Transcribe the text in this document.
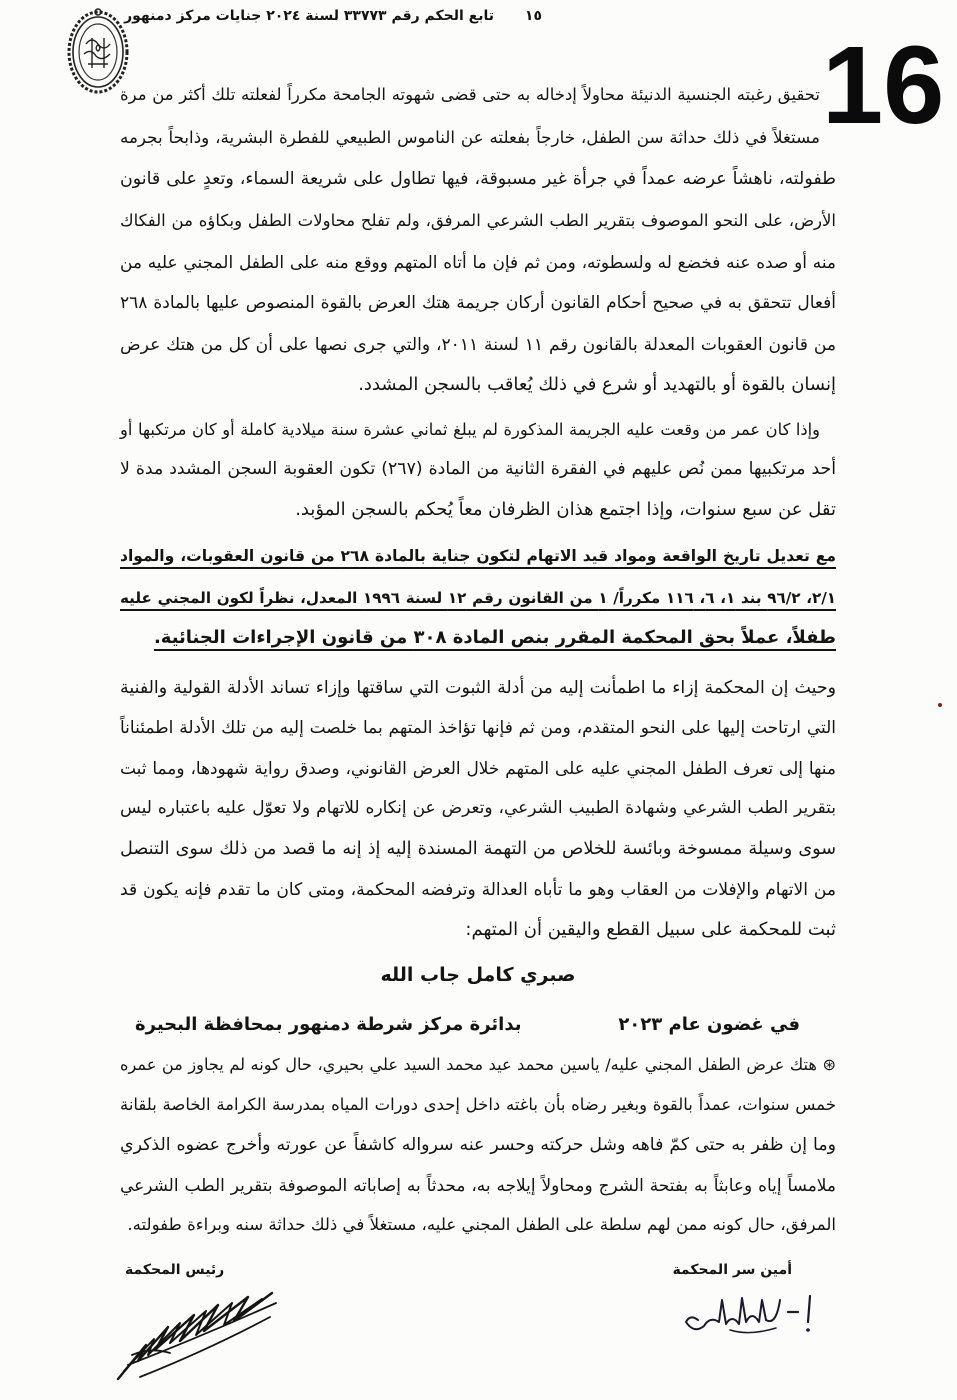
١٥ تابع الحكم رقم ٣٣٧٧٣ لسنة ٢٠٢٤ جنايات مركز دمنهور
16
تحقيق رغبته الجنسية الدنيئة محاولاً إدخاله به حتى قضى شهوته الجامحة مكرراً لفعلته تلك أكثر من مرة
مستغلاً في ذلك حداثة سن الطفل، خارجاً بفعلته عن الناموس الطبيعي للفطرة البشرية، وذابحاً بجرمه
طفولته، ناهشاً عرضه عمداً في جرأة غير مسبوقة، فيها تطاول على شريعة السماء، وتعدٍ على قانون
الأرض، على النحو الموصوف بتقرير الطب الشرعي المرفق، ولم تفلح محاولات الطفل وبكاؤه من الفكاك
منه أو صده عنه فخضع له ولسطوته، ومن ثم فإن ما أتاه المتهم ووقع منه على الطفل المجني عليه من
أفعال تتحقق به في صحيح أحكام القانون أركان جريمة هتك العرض بالقوة المنصوص عليها بالمادة ٢٦٨
من قانون العقوبات المعدلة بالقانون رقم ١١ لسنة ٢٠١١، والتي جرى نصها على أن كل من هتك عرض
إنسان بالقوة أو بالتهديد أو شرع في ذلك يُعاقب بالسجن المشدد.
وإذا كان عمر من وقعت عليه الجريمة المذكورة لم يبلغ ثماني عشرة سنة ميلادية كاملة أو كان مرتكبها أو
أحد مرتكبيها ممن نُص عليهم في الفقرة الثانية من المادة (٢٦٧) تكون العقوبة السجن المشدد مدة لا
تقل عن سبع سنوات، وإذا اجتمع هذان الظرفان معاً يُحكم بالسجن المؤبد.
مع تعديل تاريخ الواقعة ومواد قيد الاتهام لتكون جناية بالمادة ٢٦٨ من قانون العقوبات، والمواد
٢/١، ٩٦/٢ بند ١، ٦، ١١٦ مكرراً/ ١ من القانون رقم ١٢ لسنة ١٩٩٦ المعدل، نظراً لكون المجني عليه
طفلاً، عملاً بحق المحكمة المقرر بنص المادة ٣٠٨ من قانون الإجراءات الجنائية.
وحيث إن المحكمة إزاء ما اطمأنت إليه من أدلة الثبوت التي ساقتها وإزاء تساند الأدلة القولية والفنية
التي ارتاحت إليها على النحو المتقدم، ومن ثم فإنها تؤاخذ المتهم بما خلصت إليه من تلك الأدلة اطمئناناً
منها إلى تعرف الطفل المجني عليه على المتهم خلال العرض القانوني، وصدق رواية شهودها، ومما ثبت
بتقرير الطب الشرعي وشهادة الطبيب الشرعي، وتعرض عن إنكاره للاتهام ولا تعوّل عليه باعتباره ليس
سوى وسيلة ممسوخة وبائسة للخلاص من التهمة المسندة إليه إذ إنه ما قصد من ذلك سوى التنصل
من الاتهام والإفلات من العقاب وهو ما تأباه العدالة وترفضه المحكمة، ومتى كان ما تقدم فإنه يكون قد
ثبت للمحكمة على سبيل القطع واليقين أن المتهم:
صبري كامل جاب الله
في غضون عام ٢٠٢٣
بدائرة مركز شرطة دمنهور بمحافظة البحيرة
⊛ هتك عرض الطفل المجني عليه/ ياسين محمد عيد محمد السيد علي بحيري، حال كونه لم يجاوز من عمره
خمس سنوات، عمداً بالقوة وبغير رضاه بأن باغته داخل إحدى دورات المياه بمدرسة الكرامة الخاصة بلقانة
وما إن ظفر به حتى كمّ فاهه وشل حركته وحسر عنه سرواله كاشفاً عن عورته وأخرج عضوه الذكري
ملامساً إياه وعابثاً به بفتحة الشرج ومحاولاً إيلاجه به، محدثاً به إصاباته الموصوفة بتقرير الطب الشرعي
المرفق، حال كونه ممن لهم سلطة على الطفل المجني عليه، مستغلاً في ذلك حداثة سنه وبراءة طفولته.
أمين سر المحكمة
رئيس المحكمة
